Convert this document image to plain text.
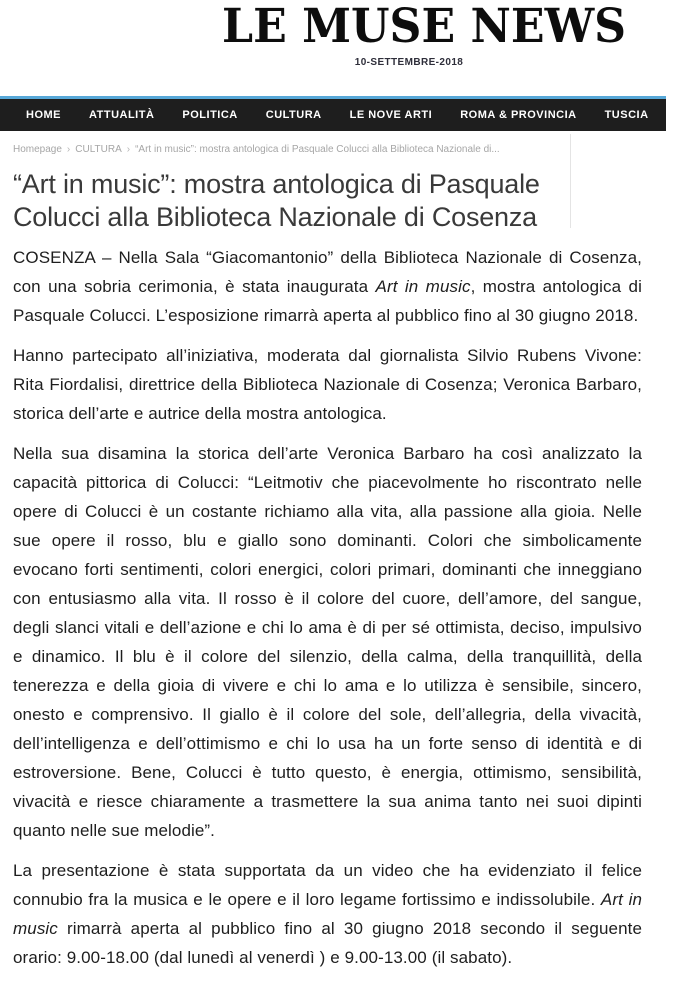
LE MUSE NEWS
10-SETTEMBRE-2018
HOME	ATTUALITÀ	POLITICA	CULTURA	LE NOVE ARTI	ROMA & PROVINCIA	TUSCIA	AC
Homepage › CULTURA › “Art in music”: mostra antologica di Pasquale Colucci alla Biblioteca Nazionale di...
“Art in music”: mostra antologica di Pasquale Colucci alla Biblioteca Nazionale di Cosenza

COSENZA – Nella Sala “Giacomantonio” della Biblioteca Nazionale di Cosenza, con una sobria cerimonia, è stata inaugurata Art in music, mostra antologica di Pasquale Colucci. L’esposizione rimarrà aperta al pubblico fino al 30 giugno 2018.

Hanno partecipato all’iniziativa, moderata dal giornalista Silvio Rubens Vivone: Rita Fiordalisi, direttrice della Biblioteca Nazionale di Cosenza; Veronica Barbaro, storica dell’arte e autrice della mostra antologica.

Nella sua disamina la storica dell’arte Veronica Barbaro ha così analizzato la capacità pittorica di Colucci: “Leitmotiv che piacevolmente ho riscontrato nelle opere di Colucci è un costante richiamo alla vita, alla passione alla gioia. Nelle sue opere il rosso, blu e giallo sono dominanti. Colori che simbolicamente evocano forti sentimenti, colori energici, colori primari, dominanti che inneggiano con entusiasmo alla vita. Il rosso è il colore del cuore, dell’amore, del sangue, degli slanci vitali e dell’azione e chi lo ama è di per sé ottimista, deciso, impulsivo e dinamico. Il blu è il colore del silenzio, della calma, della tranquillità, della tenerezza e della gioia di vivere e chi lo ama e lo utilizza è sensibile, sincero, onesto e comprensivo. Il giallo è il colore del sole, dell’allegria, della vivacità, dell’intelligenza e dell’ottimismo e chi lo usa ha un forte senso di identità e di estroversione. Bene, Colucci è tutto questo, è energia, ottimismo, sensibilità, vivacità e riesce chiaramente a trasmettere la sua anima tanto nei suoi dipinti quanto nelle sue melodie”.

La presentazione è stata supportata da un video che ha evidenziato il felice connubio fra la musica e le opere e il loro legame fortissimo e indissolubile. Art in music rimarrà aperta al pubblico fino al 30 giugno 2018 secondo il seguente orario: 9.00-18.00 (dal lunedì al venerdì ) e 9.00-13.00 (il sabato).
